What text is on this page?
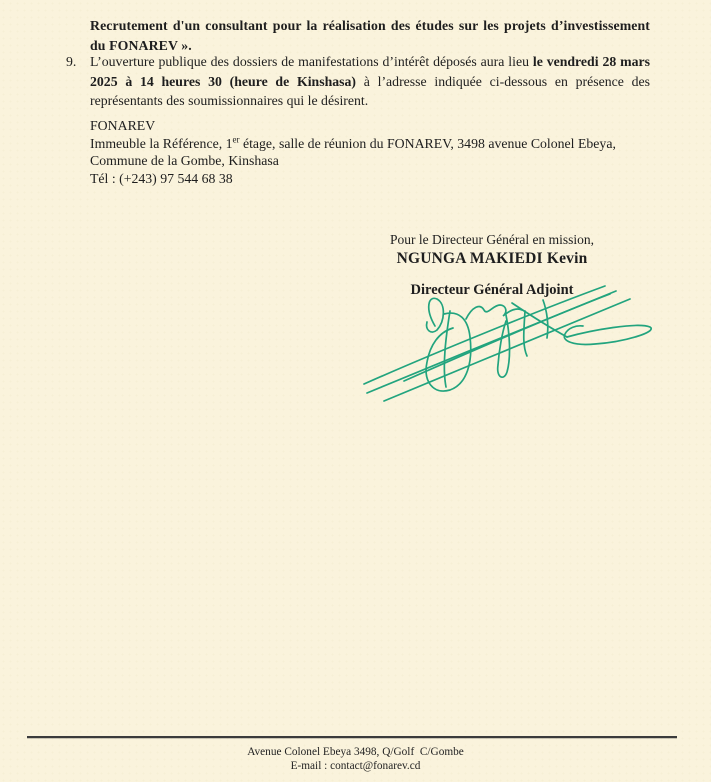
Recrutement d'un consultant pour la réalisation des études sur les projets d’investissement du FONAREV ».

9. L’ouverture publique des dossiers de manifestations d’intérêt déposés aura lieu le vendredi 28 mars 2025 à 14 heures 30 (heure de Kinshasa) à l’adresse indiquée ci-dessous en présence des représentants des soumissionnaires qui le désirent.
FONAREV
Immeuble la Référence, 1er étage, salle de réunion du FONAREV, 3498 avenue Colonel Ebeya,
Commune de la Gombe, Kinshasa
Tél : (+243) 97 544 68 38
Pour le Directeur Général en mission,
NGUNGA MAKIEDI Kevin
Directeur Général Adjoint
Avenue Colonel Ebeya 3498, Q/Golf  C/Gombe
E-mail : contact@fonarev.cd
